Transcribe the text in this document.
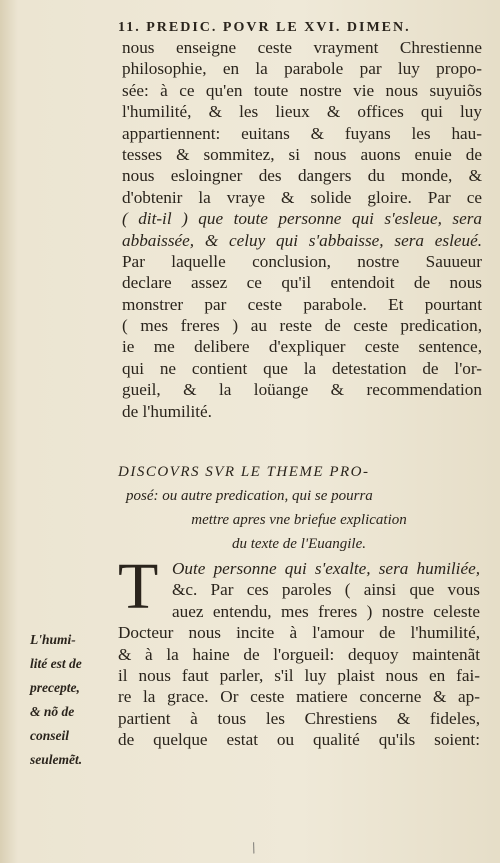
11. PREDIC. POVR LE XVI. DIMEN.
nous enseigne ceste vrayment Chrestienne
philosophie, en la parabole par luy propo-
sée: à ce qu'en toute nostre vie nous suyuiõs
l'humilité, & les lieux & offices qui luy
appartiennent: euitans & fuyans les hau-
tesses & sommitez, si nous auons enuie de
nous esloingner des dangers du monde, &
d'obtenir la vraye & solide gloire. Par ce
( dit-il ) que toute personne qui s'esleue, sera
abbaissée, & celuy qui s'abbaisse, sera esleué.
Par laquelle conclusion, nostre Sauueur
declare assez ce qu'il entendoit de nous
monstrer par ceste parabole. Et pourtant
( mes freres ) au reste de ceste predication,
ie me delibere d'expliquer ceste sentence,
qui ne contient que la detestation de l'or-
gueil, & la loüange & recommendation
de l'humilité.
DISCOVRS SVR LE THEME PRO-
posé: ou autre predication, qui se pourra
mettre apres vne briefue explication
du texte de l'Euangile.
T Oute personne qui s'exalte, sera humiliée,
&c. Par ces paroles ( ainsi que vous
auez entendu, mes freres ) nostre celeste
Docteur nous incite à l'amour de l'humilité,
& à la haine de l'orgueil: dequoy maintenãt
il nous faut parler, s'il luy plaist nous en fai-
re la grace. Or ceste matiere concerne & ap-
partient à tous les Chrestiens & fideles,
de quelque estat ou qualité qu'ils soient:
L'humi-
lité est de
precepte,
& nõ de
conseil
seulemẽt.
/
